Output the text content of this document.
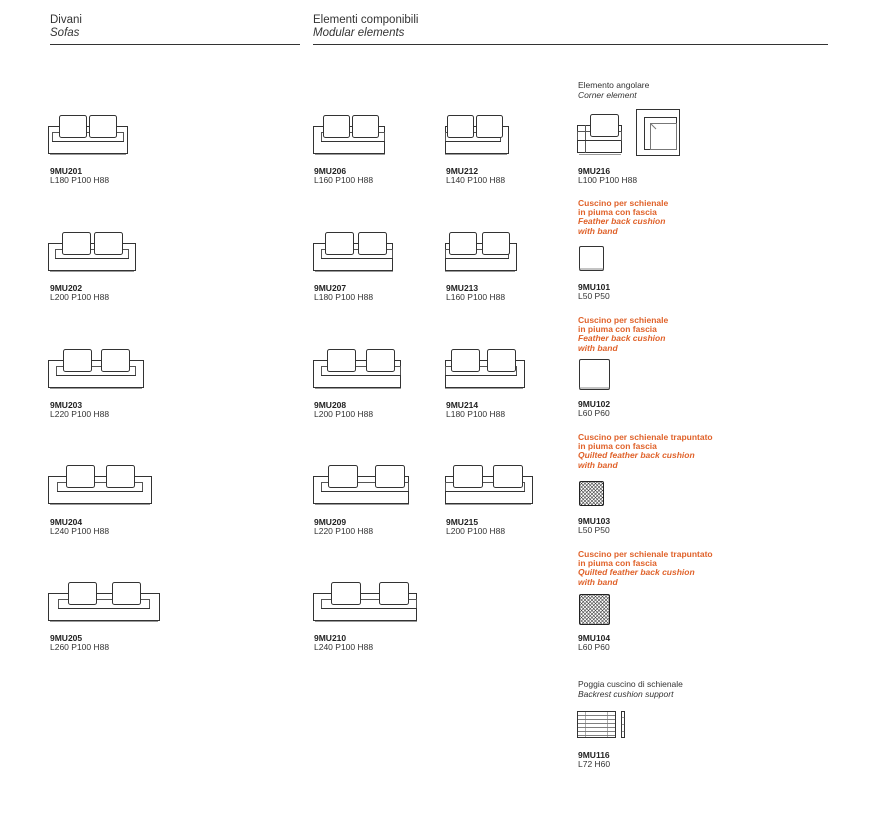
Divani
Sofas
Elementi componibili
Modular elements
9MU201
L180 P100 H88
9MU202
L200 P100 H88
9MU203
L220 P100 H88
9MU204
L240 P100 H88
9MU205
L260 P100 H88
9MU206
L160 P100 H88
9MU207
L180 P100 H88
9MU208
L200 P100 H88
9MU209
L220 P100 H88
9MU210
L240 P100 H88
9MU212
L140 P100 H88
9MU213
L160 P100 H88
9MU214
L180 P100 H88
9MU215
L200 P100 H88
Elemento angolare
Corner element
9MU216
L100 P100 H88
Cuscino per schienale
in piuma con fascia
Feather back cushion
with band
9MU101
L50 P50
Cuscino per schienale
in piuma con fascia
Feather back cushion
with band
9MU102
L60 P60
Cuscino per schienale trapuntato
in piuma con fascia
Quilted feather back cushion
with band
9MU103
L50 P50
Cuscino per schienale trapuntato
in piuma con fascia
Quilted feather back cushion
with band
9MU104
L60 P60
Poggia cuscino di schienale
Backrest cushion support
9MU116
L72 H60
